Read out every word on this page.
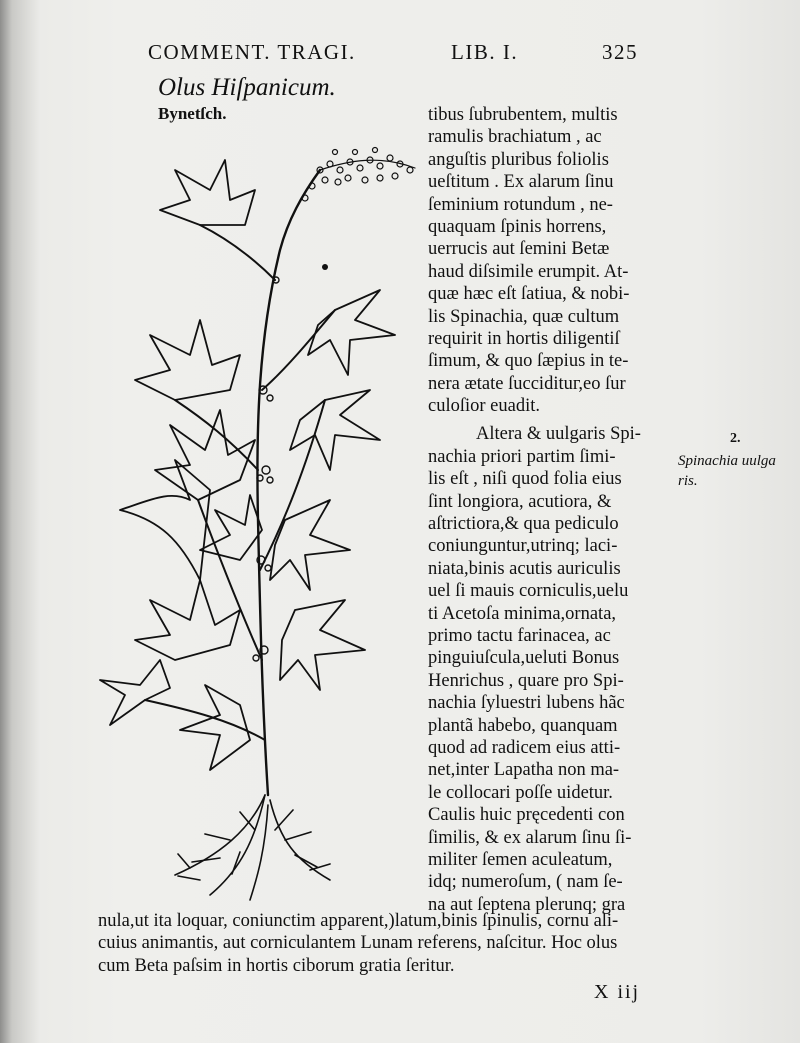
COMMENT. TRAGI.	LIB. I.	325
Olus Hiſpanicum.
Bynetſch.	tibus ſubrubentem, multis
ramulis brachiatum , ac
anguſtis pluribus foliolis
ueſtitum . Ex alarum ſinu
ſeminium rotundum , ne-
quaquam ſpinis horrens,
uerrucis aut ſemini Betæ
haud diſsimile erumpit. At-
quæ hæc eſt ſatiua, & nobi-
lis Spinachia, quæ cultum
requirit in hortis diligentiſ
ſimum, & quo ſæpius in te-
nera ætate ſuccidituг,eo ſur
culoſior euadit.
Altera & uulgaris Spi-
nachia priori partim ſimi-
lis eſt , niſi quod folia eius
ſint longiora, acutiora, &
aſtrictiora,& qua pediculo
coniunguntur,utrinq; laci-
niata,binis acutis auriculis
uel ſi mauis corniculis,uelu
ti Acetoſa minima,ornata,
primo tactu farinacea, ac
pinguiuſcula,ueluti Bonus
Henrichus , quare pro Spi-
nachia ſyluestri lubens hãc
plantã habebo, quanquam
quod ad radicem eius atti-
net,inter Lapatha non ma-
le collocari poſſe uidetur.
Caulis huic pręcedenti con
ſimilis, & ex alarum ſinu ſi-
militer ſemen aculeatum,
idq; numeroſum, ( nam ſe-
na aut ſeptena plerunq; gra
nula,ut ita loquar, coniunctim apparent,)latum,binis ſpinulis, cornu ali-
cuius animantis, aut corniculantem Lunam referens, naſcitur. Hoc olus
cum Beta paſsim in hortis ciborum gratia ſeritur.
2.
Spinachia uulga
ris.
X iij
